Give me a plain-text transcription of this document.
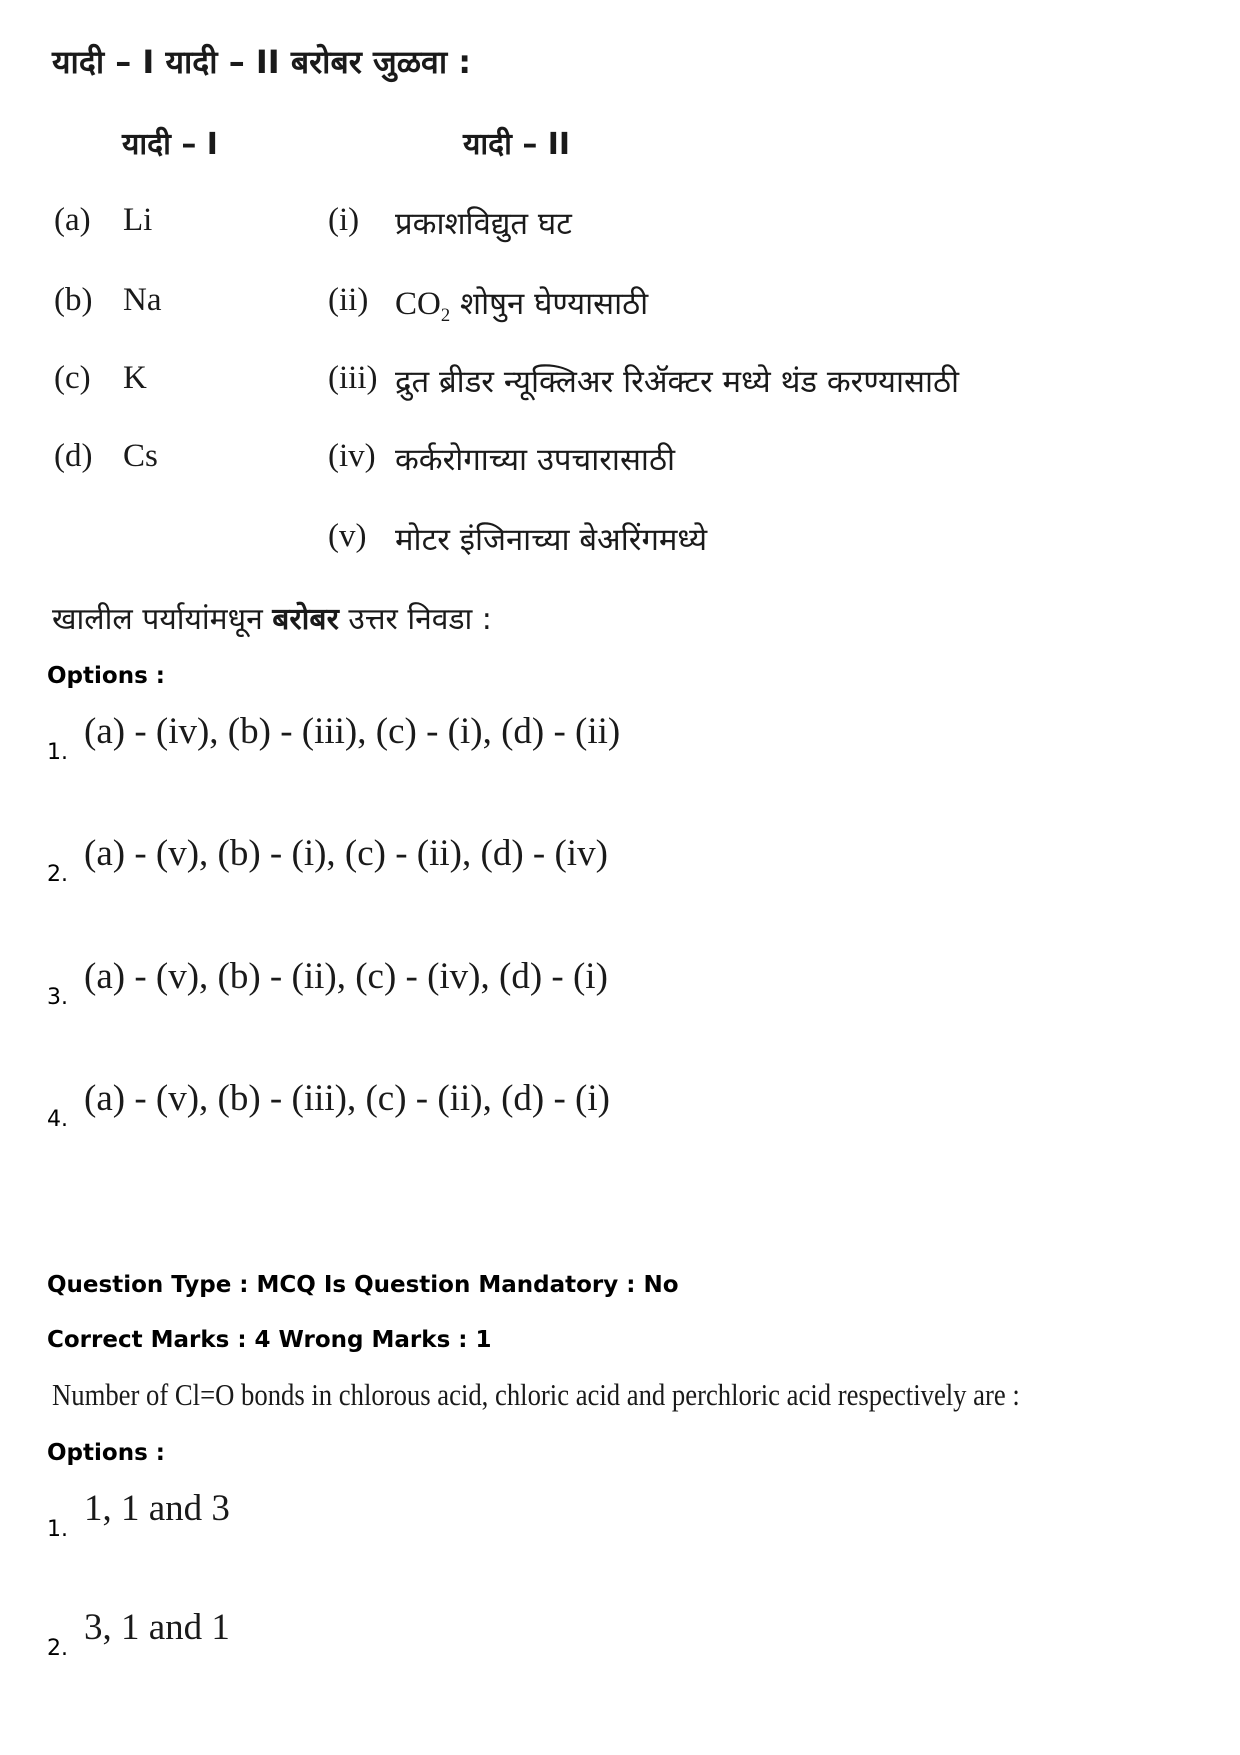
यादी – I यादी – II बरोबर जुळवा :
यादी – I	यादी – II
(a) Li
(b) Na
(c) K
(d) Cs
(i) प्रकाशविद्युत घट
(ii) $CO_2$ शोषुन घेण्यासाठी
(iii) द्रुत ब्रीडर न्यूक्लिअर रिॲक्टर मध्ये थंड करण्यासाठी
(iv) कर्करोगाच्या उपचारासाठी
(v) मोटर इंजिनाच्या बेअरिंगमध्ये
खालील पर्यायांमधून बरोबर उत्तर निवडा :
Options :
1.
(a) - (iv), (b) - (iii), (c) - (i), (d) - (ii)
2.
(a) - (v), (b) - (i), (c) - (ii), (d) - (iv)
3.
(a) - (v), (b) - (ii), (c) - (iv), (d) - (i)
4.
(a) - (v), (b) - (iii), (c) - (ii), (d) - (i)
Question Type : MCQ Is Question Mandatory : No
Correct Marks : 4 Wrong Marks : 1
Number of Cl=O bonds in chlorous acid, chloric acid and perchloric acid respectively are :
Options :
1.
1, 1 and 3
2.
3, 1 and 1
